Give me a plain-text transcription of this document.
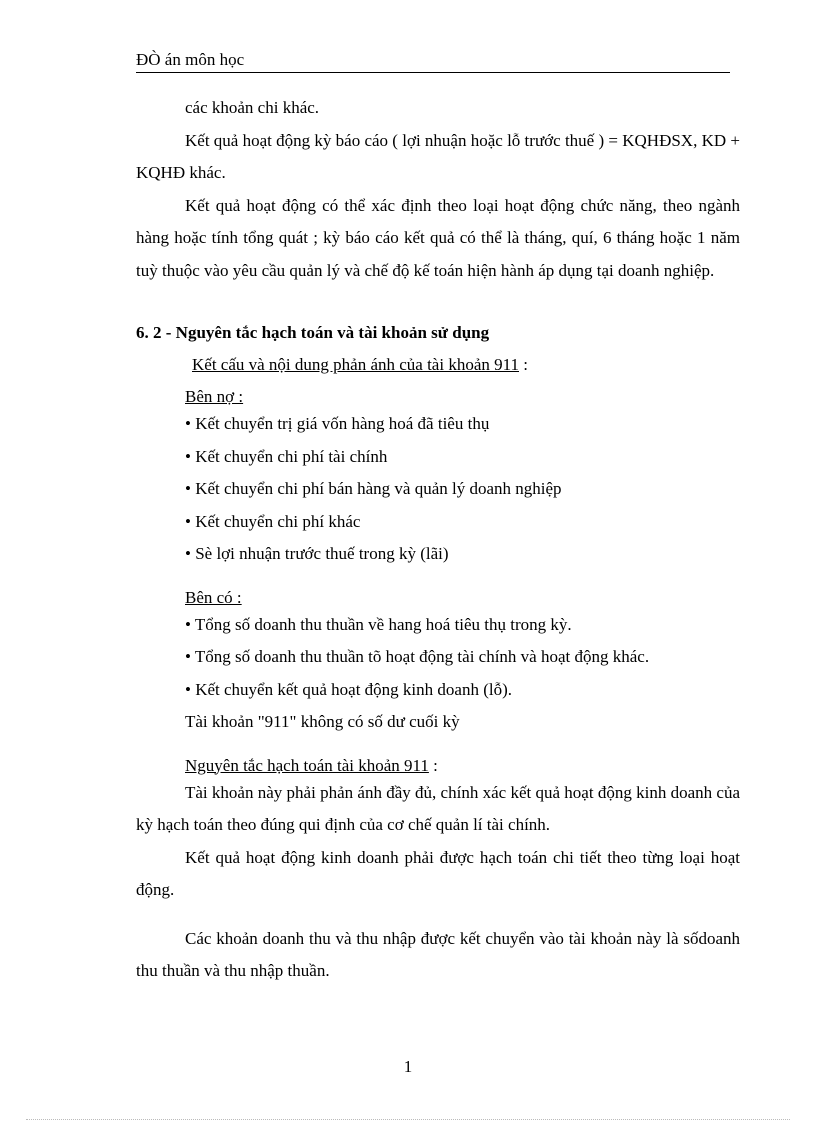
ĐÒ án môn học

các khoản chi khác.

Kết quả hoạt động kỳ báo cáo ( lợi nhuận hoặc lỗ trước thuế ) = KQHĐSX, KD + KQHĐ khác.

Kết quả hoạt động có thể xác định theo loại hoạt động chức năng, theo ngành hàng hoặc tính tổng quát ; kỳ báo cáo kết quả có thể là tháng, quí, 6 tháng hoặc 1 năm tuỳ thuộc vào yêu cầu quản lý và chế độ kế toán hiện hành áp dụng tại doanh nghiệp.

6. 2 - Nguyên tắc hạch toán và tài khoản sử dụng

Kết cấu và nội dung phản ánh của tài khoản 911 :

Bên nợ :

• Kết chuyển trị giá vốn hàng hoá đã tiêu thụ

• Kết chuyển chi phí tài chính

• Kết chuyển chi phí bán hàng và quản lý doanh nghiệp

• Kết chuyển chi phí khác

• Sè lợi nhuận trước thuế trong kỳ (lãi)

Bên có :

• Tổng số doanh thu thuần về hang hoá tiêu thụ trong kỳ.

• Tổng số doanh thu thuần tõ hoạt động tài chính và hoạt động khác.

• Kết chuyển kết quả hoạt động kinh doanh (lỗ).

Tài khoản "911" không có số dư cuối kỳ

Nguyên tắc hạch toán tài khoản 911 :

Tài khoản này phải phản ánh đầy đủ, chính xác kết quả hoạt động kinh doanh của kỳ hạch toán theo đúng qui định của cơ chế quản lí tài chính.

Kết quả hoạt động kinh doanh phải được hạch toán chi tiết theo từng loại hoạt động.

Các khoản doanh thu và thu nhập được kết chuyển vào tài khoản này là sốdoanh thu thuần và thu nhập thuần.

1
